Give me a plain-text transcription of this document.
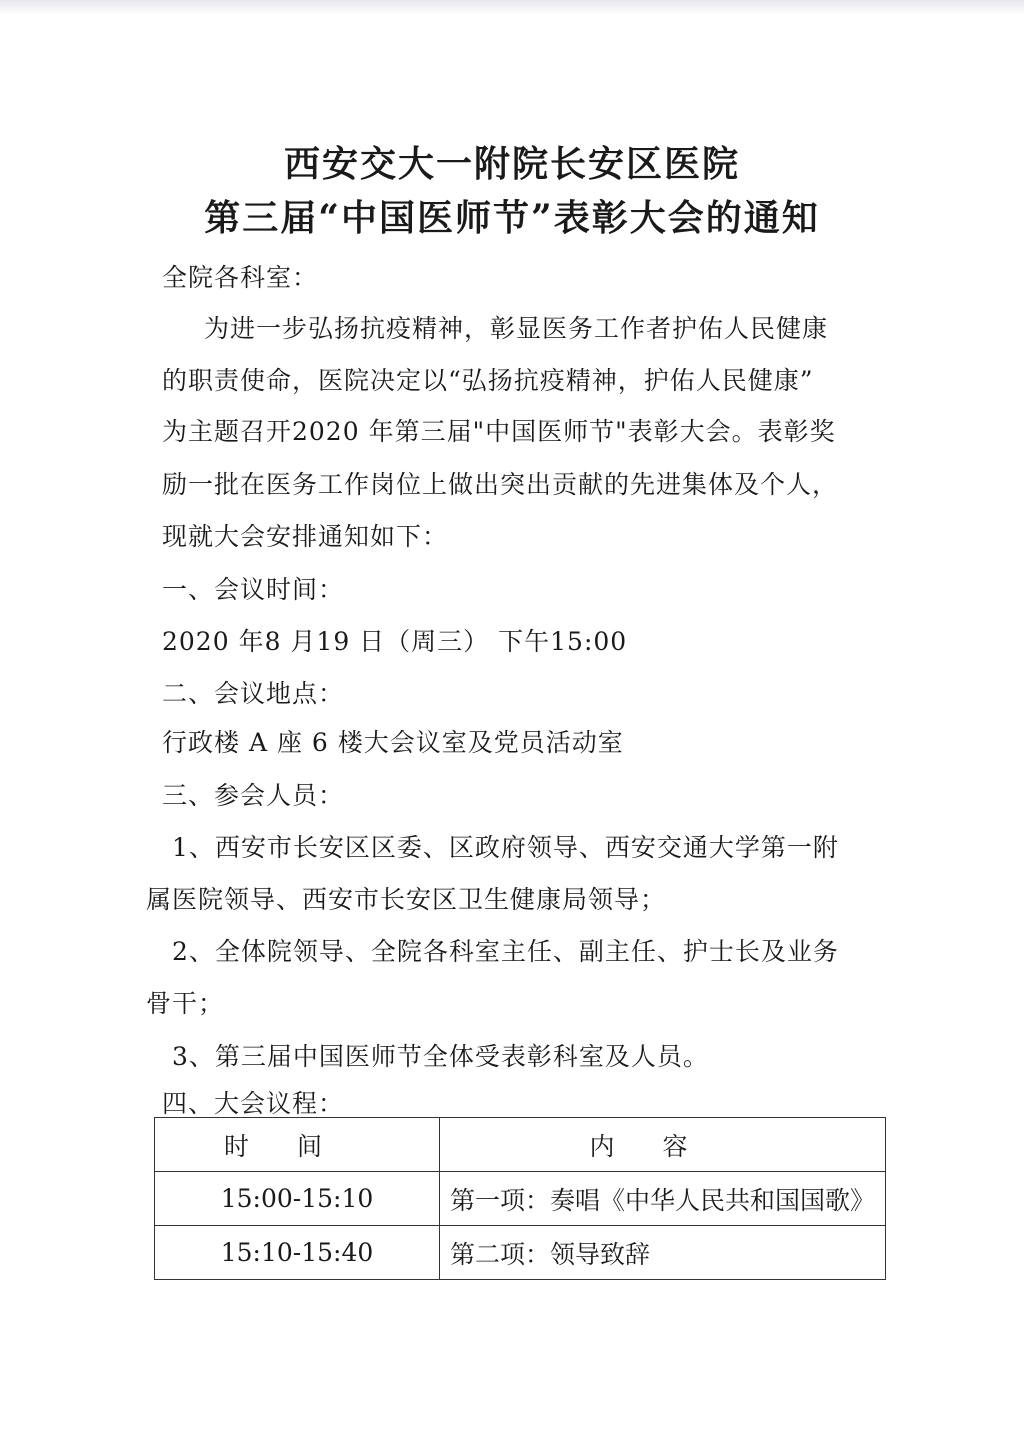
西安交大一附院长安区医院
第三届“中国医师节”表彰大会的通知
全院各科室：
为进一步弘扬抗疫精神，彰显医务工作者护佑人民健康
的职责使命，医院决定以“弘扬抗疫精神，护佑人民健康”
为主题召开2020 年第三届"中国医师节"表彰大会。表彰奖
励一批在医务工作岗位上做出突出贡献的先进集体及个人，
现就大会安排通知如下：
一、会议时间：
2020 年8 月19 日（周三） 下午15:00
二、会议地点：
行政楼 A 座 6 楼大会议室及党员活动室
三、参会人员：
1、西安市长安区区委、区政府领导、西安交通大学第一附
属医院领导、西安市长安区卫生健康局领导；
2、全体院领导、全院各科室主任、副主任、护士长及业务
骨干；
3、第三届中国医师节全体受表彰科室及人员。
四、大会议程：
时间	内容
15:00-15:10	第一项：奏唱《中华人民共和国国歌》
15:10-15:40	第二项：领导致辞
